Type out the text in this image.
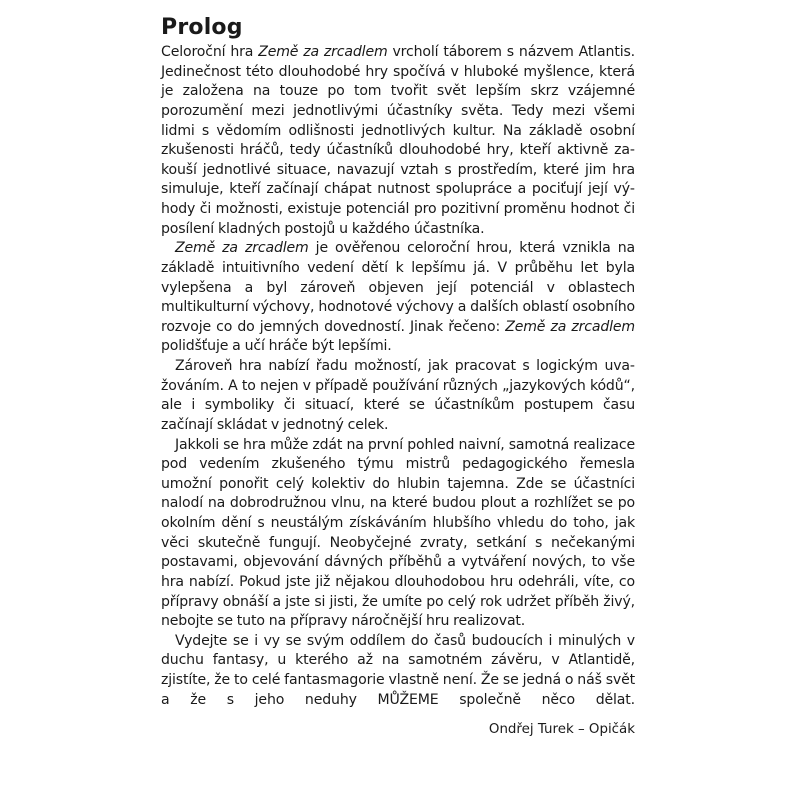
Prolog

Celoroční hra Země za zrcadlem vrcholí táborem s názvem Atlantis. Jedinečnost této dlouhodobé hry spočívá v hluboké myšlence, která je založena na touze po tom tvořit svět lepším skrz vzájemné porozumění mezi jednotlivými účastníky světa. Tedy mezi všemi lidmi s vědomím odlišnosti jednotlivých kultur. Na základě osobní zkušenosti hráčů, tedy účastníků dlouhodobé hry, kteří aktivně zakouší jednotlivé situace, navazují vztah s prostředím, které jim hra simuluje, kteří začínají chápat nutnost spolupráce a pociťují její výhody či možnosti, existuje potenciál pro pozitivní proměnu hodnot či posílení kladných postojů u každého účastníka.

Země za zrcadlem je ověřenou celoroční hrou, která vznikla na základě intuitivního vedení dětí k lepšímu já. V průběhu let byla vylepšena a byl zároveň objeven její potenciál v oblastech multikulturní výchovy, hodnotové výchovy a dalších oblastí osobního rozvoje co do jemných dovedností. Jinak řečeno: Země za zrcadlem polidšťuje a učí hráče být lepšími.

Zároveň hra nabízí řadu možností, jak pracovat s logickým uvažováním. A to nejen v případě používání různých „jazykových kódů“, ale i symboliky či situací, které se účastníkům postupem času začínají skládat v jednotný celek.

Jakkoli se hra může zdát na první pohled naivní, samotná realizace pod vedením zkušeného týmu mistrů pedagogického řemesla umožní ponořit celý kolektiv do hlubin tajemna. Zde se účastníci nalodí na dobrodružnou vlnu, na které budou plout a rozhlížet se po okolním dění s neustálým získáváním hlubšího vhledu do toho, jak věci skutečně fungují. Neobyčejné zvraty, setkání s nečekanými postavami, objevování dávných příběhů a vytváření nových, to vše hra nabízí. Pokud jste již nějakou dlouhodobou hru odehráli, víte, co přípravy obnáší a jste si jisti, že umíte po celý rok udržet příběh živý, nebojte se tuto na přípravy náročnější hru realizovat.

Vydejte se i vy se svým oddílem do časů budoucích i minulých v duchu fantasy, u kterého až na samotném závěru, v Atlantidě, zjistíte, že to celé fantasmagorie vlastně není. Že se jedná o náš svět a že s jeho neduhy MŮŽEME společně něco dělat.

Ondřej Turek – Opičák
